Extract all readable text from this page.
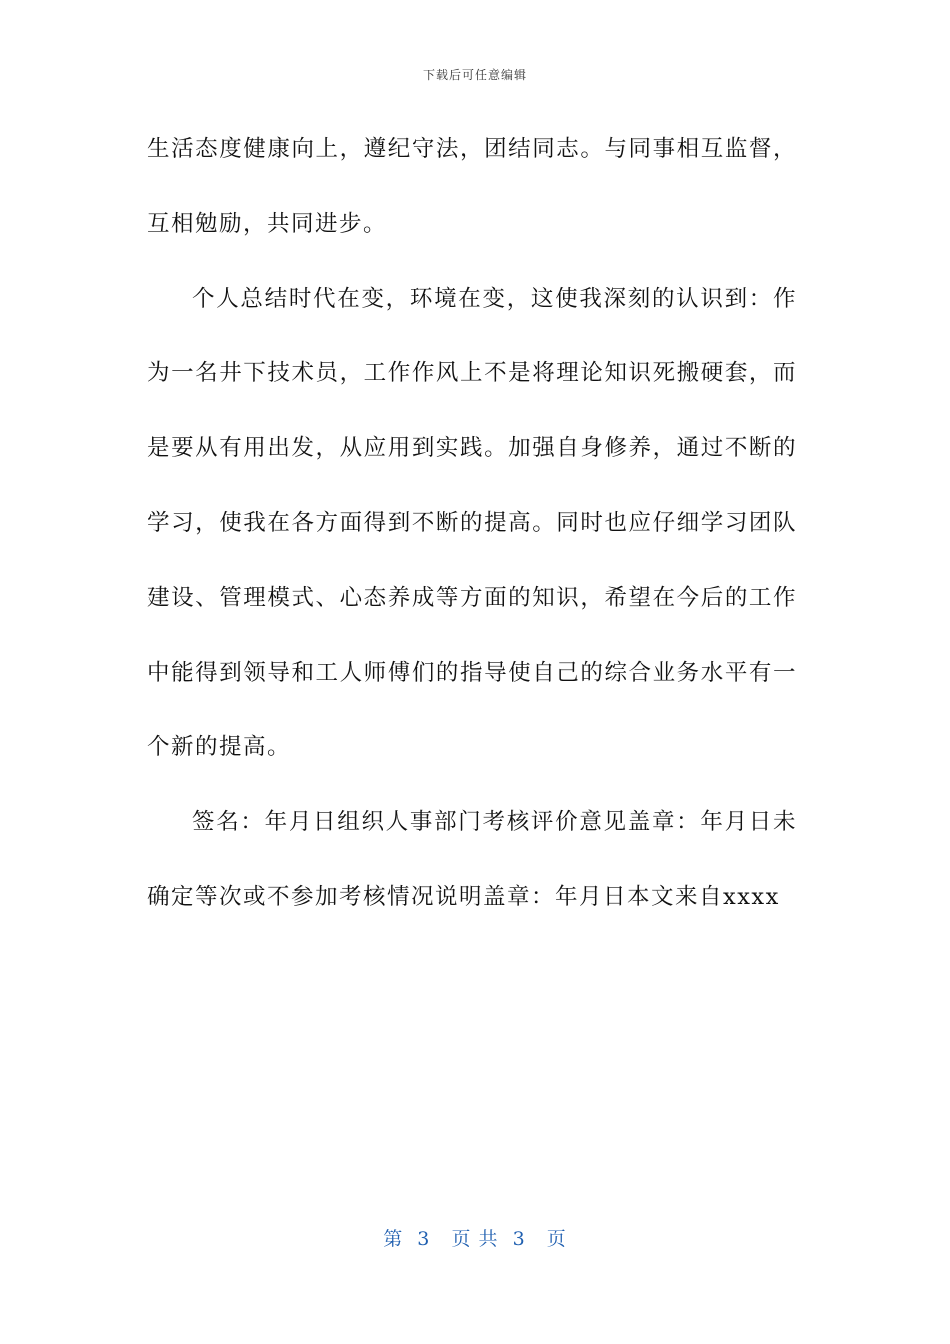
下载后可任意编辑

生活态度健康向上，遵纪守法，团结同志。与同事相互监督，互相勉励，共同进步。

个人总结时代在变，环境在变，这使我深刻的认识到：作为一名井下技术员，工作作风上不是将理论知识死搬硬套，而是要从有用出发，从应用到实践。加强自身修养，通过不断的学习，使我在各方面得到不断的提高。同时也应仔细学习团队建设、管理模式、心态养成等方面的知识，希望在今后的工作中能得到领导和工人师傅们的指导使自己的综合业务水平有一个新的提高。

签名：年月日组织人事部门考核评价意见盖章：年月日未确定等次或不参加考核情况说明盖章：年月日本文来自xxxx

第  3   页 共  3   页
